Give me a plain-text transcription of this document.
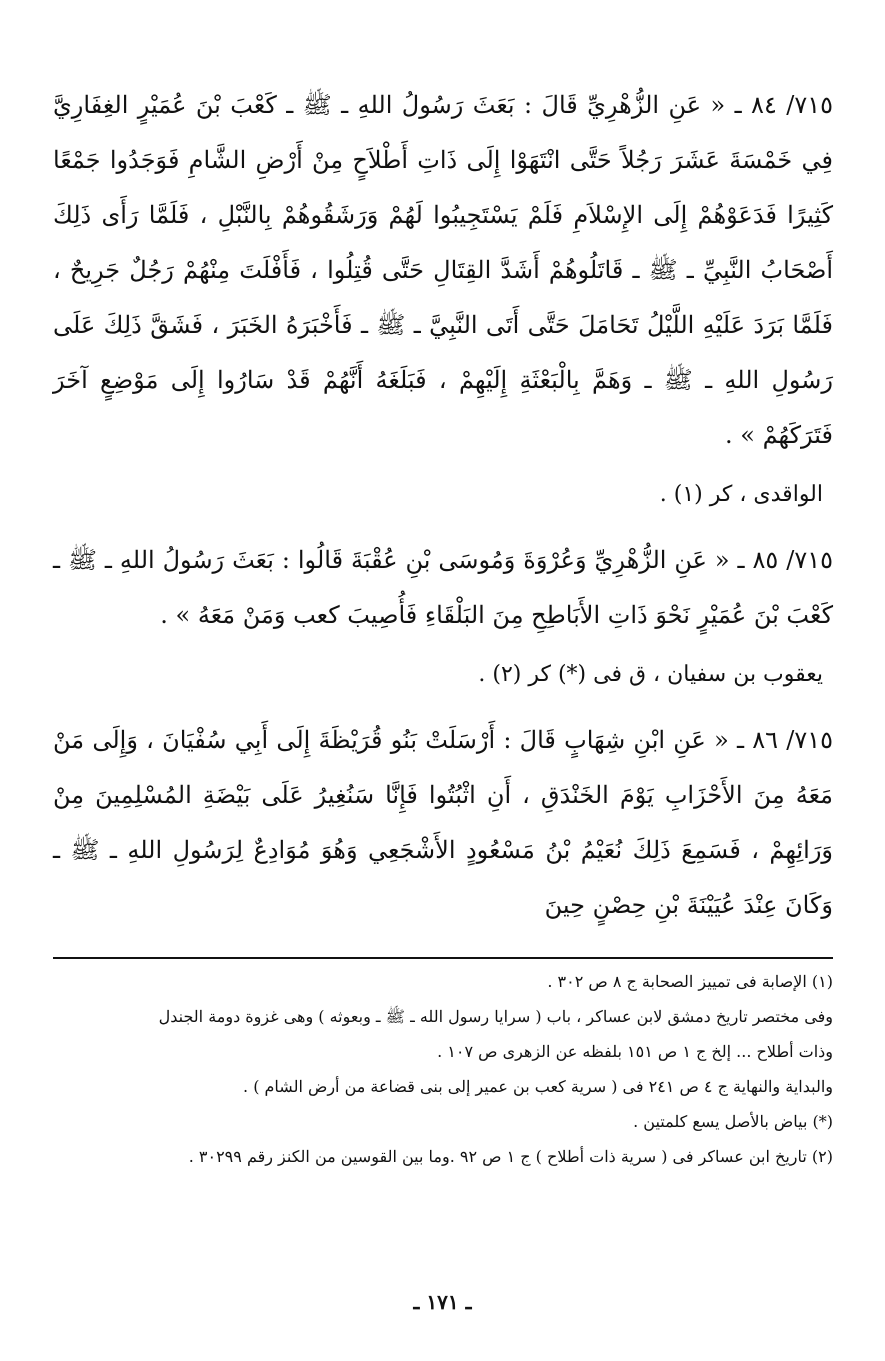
٧١٥/ ٨٤ ـ « عَنِ الزُّهْرِيِّ قَالَ : بَعَثَ رَسُولُ اللهِ ـ ﷺ ـ كَعْبَ بْنَ عُمَيْرٍ الغِفَارِيَّ فِي خَمْسَةَ عَشَرَ رَجُلاً حَتَّى انْتَهَوْا إِلَى ذَاتِ أَطْلاَحٍ مِنْ أَرْضِ الشَّامِ فَوَجَدُوا جَمْعًا كَثِيرًا فَدَعَوْهُمْ إِلَى الإِسْلاَمِ فَلَمْ يَسْتَجِيبُوا لَهُمْ وَرَشَقُوهُمْ بِالنَّبْلِ ، فَلَمَّا رَأَى ذَلِكَ أَصْحَابُ النَّبِيِّ ـ ﷺ ـ قَاتَلُوهُمْ أَشَدَّ القِتَالِ حَتَّى قُتِلُوا ، فَأَفْلَتَ مِنْهُمْ رَجُلٌ جَرِيحٌ ، فَلَمَّا بَرَدَ عَلَيْهِ اللَّيْلُ تَحَامَلَ حَتَّى أَتَى النَّبِيَّ ـ ﷺ ـ فَأَخْبَرَهُ الخَبَرَ ، فَشَقَّ ذَلِكَ عَلَى رَسُولِ اللهِ ـ ﷺ ـ وَهَمَّ بِالْبَعْثَةِ إِلَيْهِمْ ، فَبَلَغَهُ أَنَّهُمْ قَدْ سَارُوا إِلَى مَوْضِعٍ آخَرَ فَتَرَكَهُمْ » .

الواقدى ، كر (١) .

٧١٥/ ٨٥ ـ « عَنِ الزُّهْرِيِّ وَعُرْوَةَ وَمُوسَى بْنِ عُقْبَةَ قَالُوا : بَعَثَ رَسُولُ اللهِ ـ ﷺ ـ كَعْبَ بْنَ عُمَيْرٍ نَحْوَ ذَاتِ الأَبَاطِحِ مِنَ البَلْقَاءِ فَأُصِيبَ كعب وَمَنْ مَعَهُ » .

يعقوب بن سفيان ، ق فى (*) كر (٢) .

٧١٥/ ٨٦ ـ « عَنِ ابْنِ شِهَابٍ قَالَ : أَرْسَلَتْ بَنُو قُرَيْظَةَ إِلَى أَبِي سُفْيَانَ ، وَإِلَى مَنْ مَعَهُ مِنَ الأَحْزَابِ يَوْمَ الخَنْدَقِ ، أَنِ اثْبُتُوا فَإِنَّا سَنُغِيرُ عَلَى بَيْضَةِ المُسْلِمِينَ مِنْ وَرَائِهِمْ ، فَسَمِعَ ذَلِكَ نُعَيْمُ بْنُ مَسْعُودٍ الأَشْجَعِي وَهُوَ مُوَادِعٌ لِرَسُولِ اللهِ ـ ﷺ ـ وَكَانَ عِنْدَ عُيَيْنَةَ بْنِ حِصْنٍ حِينَ

(١) الإصابة فى تمييز الصحابة ج ٨ ص ٣٠٢ .

وفى مختصر تاريخ دمشق لابن عساكر ، باب ( سرايا رسول الله ـ ﷺ ـ وبعوثه ) وهى غزوة دومة الجندل

وذات أطلاح ... إلخ ج ١ ص ١٥١ بلفظه عن الزهرى ص ١٠٧ .

والبداية والنهاية ج ٤ ص ٢٤١ فى ( سرية كعب بن عمير إلى بنى قضاعة من أرض الشام ) .

(*) بياض بالأصل يسع كلمتين .

(٢) تاريخ ابن عساكر فى ( سرية ذات أطلاح ) ج ١ ص ٩٢ .وما بين القوسين من الكنز رقم ٣٠٢٩٩ .

ـ ١٧١ ـ
